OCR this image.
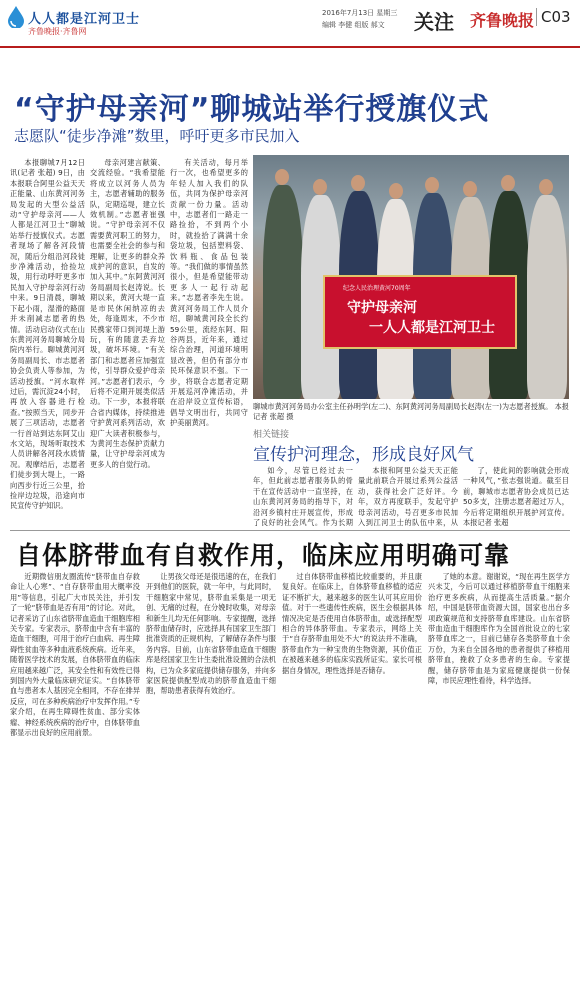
人人都是江河卫士
齐鲁晚报·齐鲁网
2016年7月13日 星期三
编辑 李健 组版 郝文 关注 齐鲁晚报 C03
“守护母亲河”聊城站举行授旗仪式
志愿队“徒步净滩”数里，呼吁更多市民加入

本报聊城7月12日讯(记者 张超) 9日，由本报联合阿里公益天天正能量、山东黄河河务局发起的大型公益活动“守护母亲河——人人都是江河卫士”聊城站举行授旗仪式。志愿者现场了解各河段情况，随后分组沿河段徒步净滩活动，拾捡垃圾，用行动呼吁更多市民加入守护母亲河行动中来。9日清晨，聊城下起小雨，湿滑的路面并未削减志愿者的热情。活动启动仪式在山东黄河河务局聊城分局院内举行。聊城黄河河务局副局长、市志愿者协会负责人等参加，为活动授旗。“河水取样过后，需沉淀24小时，再放入容器进行检查。”按照当天，同步开展了三项活动，志愿者一行首站到达东阿艾山水文站，现场听取技术人员讲解各河段水质情况。观摩结后，志愿者们徒步到大堤上，一路向西步行近三公里，拾捡岸边垃圾，沿途向市民宣传守护知识。

母亲河建言献策、交流经验。“我希望能将成立以河务人员为主，志愿者辅助的服务队，定期巡堤，建立长效机制。”志愿者崔强说。“守护母亲河不仅需要黄河职工的努力，也需要全社会的参与和理解，让更多的群众养成护河的意识，自发的加入其中。”东阿黄河河务局副局长赵涛说。长期以来，黄河大堤一直是市民休闲纳凉的去处，每逢周末，不少市民携家带口到河堤上游玩，有的随意丢弃垃圾，破坏环境。“有关部门和志愿者应加强宣传，引导群众爱护母亲河。”志愿者们表示，今后将不定期开展类似活动。下一步，本报将联合省内媒体，持续推进守护黄河系列活动，欢迎广大读者积极参与，为黄河生态保护贡献力量，让守护母亲河成为更多人的自觉行动。

有关活动，每月举行一次，也希望更多的年轻人加入我们的队伍，共同为保护母亲河贡献一份力量。活动中，志愿者们一路走一路捡拾，不到两个小时，就捡拾了满满十余袋垃圾，包括塑料袋、饮料瓶、食品包装等。“我们做的事情虽然很小，但是希望能带动更多人一起行动起来。”志愿者李先生说。黄河河务局工作人员介绍，聊城黄河段全长约59公里，流经东阿、阳谷两县，近年来，通过综合治理，河道环境明显改善，但仍有部分市民环保意识不强。下一步，将联合志愿者定期开展巡河净滩活动，并在沿岸设立宣传标语，倡导文明出行，共同守护美丽黄河。

纪念人民治理黄河70周年
守护母亲河
一人人都是江河卫士
聊城市黄河河务局办公室主任孙明学(左二)、东阿黄河河务局副局长赵涛(左一)为志愿者授旗。 本报记者 张超 摄
相关链接
宣传护河理念，形成良好风气

如今，尽管已经过去一年，但此前志愿者服务队的骨干在宣传活动中一直坚持，在山东黄河河务局的指导下，对沿河乡镇村庄开展宣传，形成了良好的社会风气。作为长期

本报和阿里公益天天正能量此前联合开展过系列公益活动，获得社会广泛好评。今年，双方再度联手，发起守护母亲河活动，号召更多市民加入到江河卫士的队伍中来，从

了，使此间的影响就会形成一种风气，”张志强说道。截至目前，聊城市志愿者协会成员已达50多支，注册志愿者超过万人，今后将定期组织开展护河宣传。本报记者 张超

自体脐带血有自救作用，临床应用明确可靠

近期微信朋友圈流传“脐带血自存救命让人心寒”、“自存脐带血用大概率没用”等信息，引起广大市民关注，并引发了一轮“脐带血是否有用”的讨论。对此，记者采访了山东省脐带血造血干细胞库相关专家。专家表示，脐带血中含有丰富的造血干细胞，可用于治疗白血病、再生障碍性贫血等多种血液系统疾病。近年来，随着医学技术的发展，自体脐带血的临床应用越来越广泛，其安全性和有效性已得到国内外大量临床研究证实。“自体脐带血与患者本人基因完全相同，不存在排异反应，可在多种疾病治疗中发挥作用。”专家介绍，在再生障碍性贫血、部分实体瘤、神经系统疾病的治疗中，自体脐带血都显示出良好的应用前景。

让男孩父母还是很迅速的在，在我们开到他们的医院，就一年中，与此同时，干细胞家中常见，脐带血采集是一项无创、无痛的过程，在分娩时收集，对母亲和新生儿均无任何影响。专家提醒，选择脐带血储存时，应选择具有国家卫生部门批准资质的正规机构，了解储存条件与服务内容。目前，山东省脐带血造血干细胞库是经国家卫生计生委批准设置的合法机构，已为众多家庭提供储存服务，并向多家医院提供配型成功的脐带血造血干细胞，帮助患者获得有效治疗。

过自体脐带血移植比较重要的，并且康复良好。在临床上，自体脐带血移植的适应证不断扩大，越来越多的医生认可其应用价值。对于一些遗传性疾病，医生会根据具体情况决定是否使用自体脐带血，或选择配型相合的异体脐带血。专家表示，网络上关于“自存脐带血用处不大”的说法并不准确，脐带血作为一种宝贵的生物资源，其价值正在被越来越多的临床实践所证实。家长可根据自身情况，理性选择是否储存。

了她的本意。谢谢说，“现在再生医学方兴未艾，今后可以通过移植脐带血干细胞来治疗更多疾病，从而提高生活质量。”据介绍，中国是脐带血资源大国，国家也出台多项政策规范和支持脐带血库建设。山东省脐带血造血干细胞库作为全国首批设立的七家脐带血库之一，目前已储存各类脐带血十余万份，为来自全国各地的患者提供了移植用脐带血，挽救了众多患者的生命。专家提醒，储存脐带血是为家庭健康提供一份保障，市民应理性看待，科学选择。
